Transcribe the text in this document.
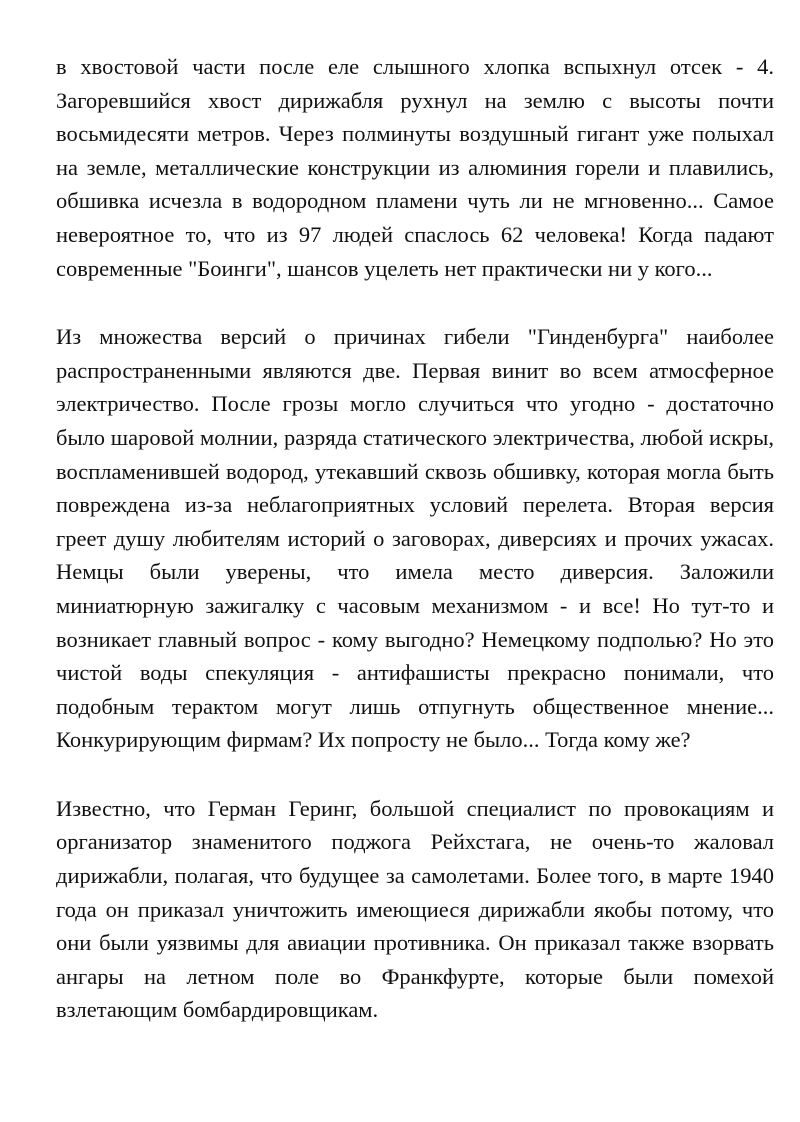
в хвостовой части после еле слышного хлопка вспыхнул отсек - 4. Загоревшийся хвост дирижабля рухнул на землю с высоты почти восьмидесяти метров. Через полминуты воздушный гигант уже полыхал на земле, металлические конструкции из алюминия горели и плавились, обшивка исчезла в водородном пламени чуть ли не мгновенно... Самое невероятное то, что из 97 людей спаслось 62 человека! Когда падают современные "Боинги", шансов уцелеть нет практически ни у кого...

Из множества версий о причинах гибели "Гинденбурга" наиболее распространенными являются две. Первая винит во всем атмосферное электричество. После грозы могло случиться что угодно - достаточно было шаровой молнии, разряда статического электричества, любой искры, воспламенившей водород, утекавший сквозь обшивку, которая могла быть повреждена из-за неблагоприятных условий перелета. Вторая версия греет душу любителям историй о заговорах, диверсиях и прочих ужасах. Немцы были уверены, что имела место диверсия. Заложили миниатюрную зажигалку с часовым механизмом - и все! Но тут-то и возникает главный вопрос - кому выгодно? Немецкому подполью? Но это чистой воды спекуляция - антифашисты прекрасно понимали, что подобным терактом могут лишь отпугнуть общественное мнение... Конкурирующим фирмам? Их попросту не было... Тогда кому же?

Известно, что Герман Геринг, большой специалист по провокациям и организатор знаменитого поджога Рейхстага, не очень-то жаловал дирижабли, полагая, что будущее за самолетами. Более того, в марте 1940 года он приказал уничтожить имеющиеся дирижабли якобы потому, что они были уязвимы для авиации противника. Он приказал также взорвать ангары на летном поле во Франкфурте, которые были помехой взлетающим бомбардировщикам.
